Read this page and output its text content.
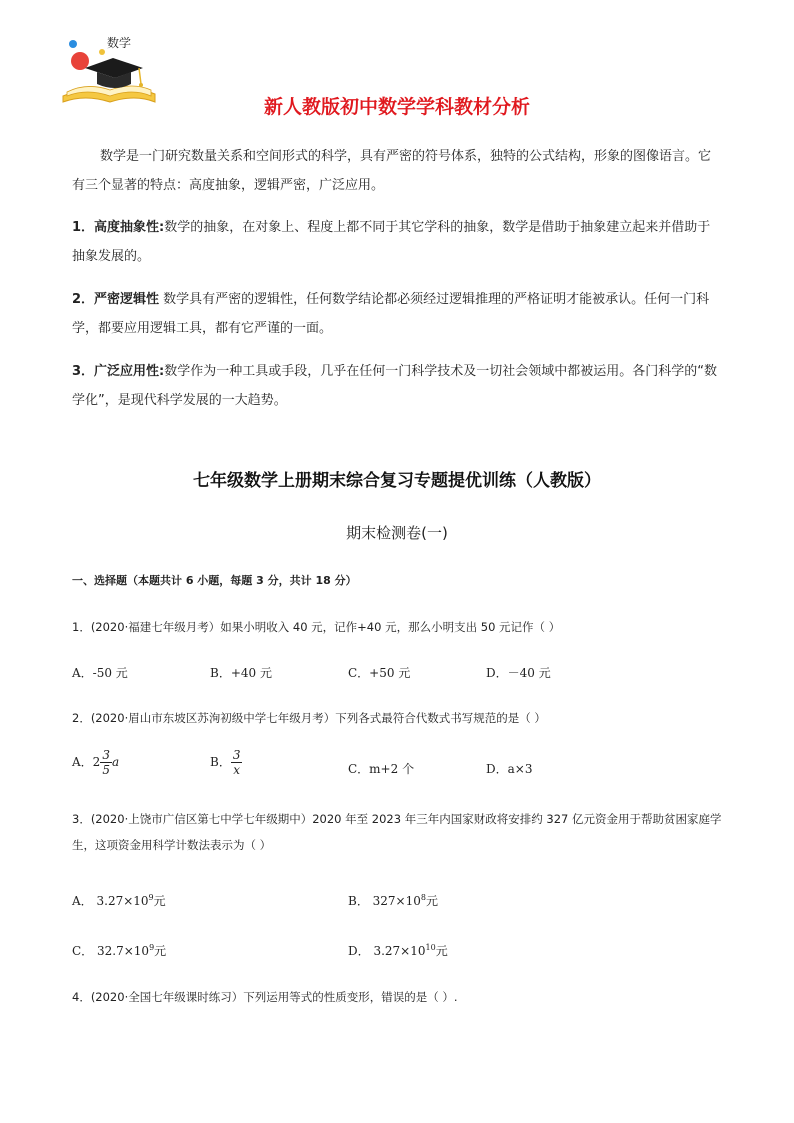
数学
新人教版初中数学学科教材分析
数学是一门研究数量关系和空间形式的科学，具有严密的符号体系，独特的公式结构，形象的图像语言。它有三个显著的特点：高度抽象，逻辑严密，广泛应用。
1．高度抽象性:数学的抽象，在对象上、程度上都不同于其它学科的抽象，数学是借助于抽象建立起来并借助于抽象发展的。
2．严密逻辑性 数学具有严密的逻辑性，任何数学结论都必须经过逻辑推理的严格证明才能被承认。任何一门科学，都要应用逻辑工具，都有它严谨的一面。
3．广泛应用性:数学作为一种工具或手段，几乎在任何一门科学技术及一切社会领域中都被运用。各门科学的“数学化”，是现代科学发展的一大趋势。
七年级数学上册期末综合复习专题提优训练（人教版）
期末检测卷(一)
一、选择题（本题共计 6 小题，每题 3 分，共计 18 分）
1．(2020·福建七年级月考）如果小明收入 40 元，记作+40 元，那么小明支出 50 元记作（ ）
A．-50 元	B．+40 元	C．+50 元	D．－40 元
2．(2020·眉山市东坡区苏洵初级中学七年级月考）下列各式最符合代数式书写规范的是（ ）
A．$2 \frac{3}{5}$ a	B． $\frac{3}{x}$	C．m+2 个	D．a×3
3．(2020·上饶市广信区第七中学七年级期中）2020 年至 2023 年三年内国家财政将安排约 327 亿元资金用于帮助贫困家庭学生，这项资金用科学计数法表示为（ ）
A． $3.27\times 10^9$元	B． $327\times 10^8$元
C． $32.7\times 10^9$元	D． $3.27\times 10^{10}$元
4．(2020·全国七年级课时练习）下列运用等式的性质变形，错误的是（ ）.
